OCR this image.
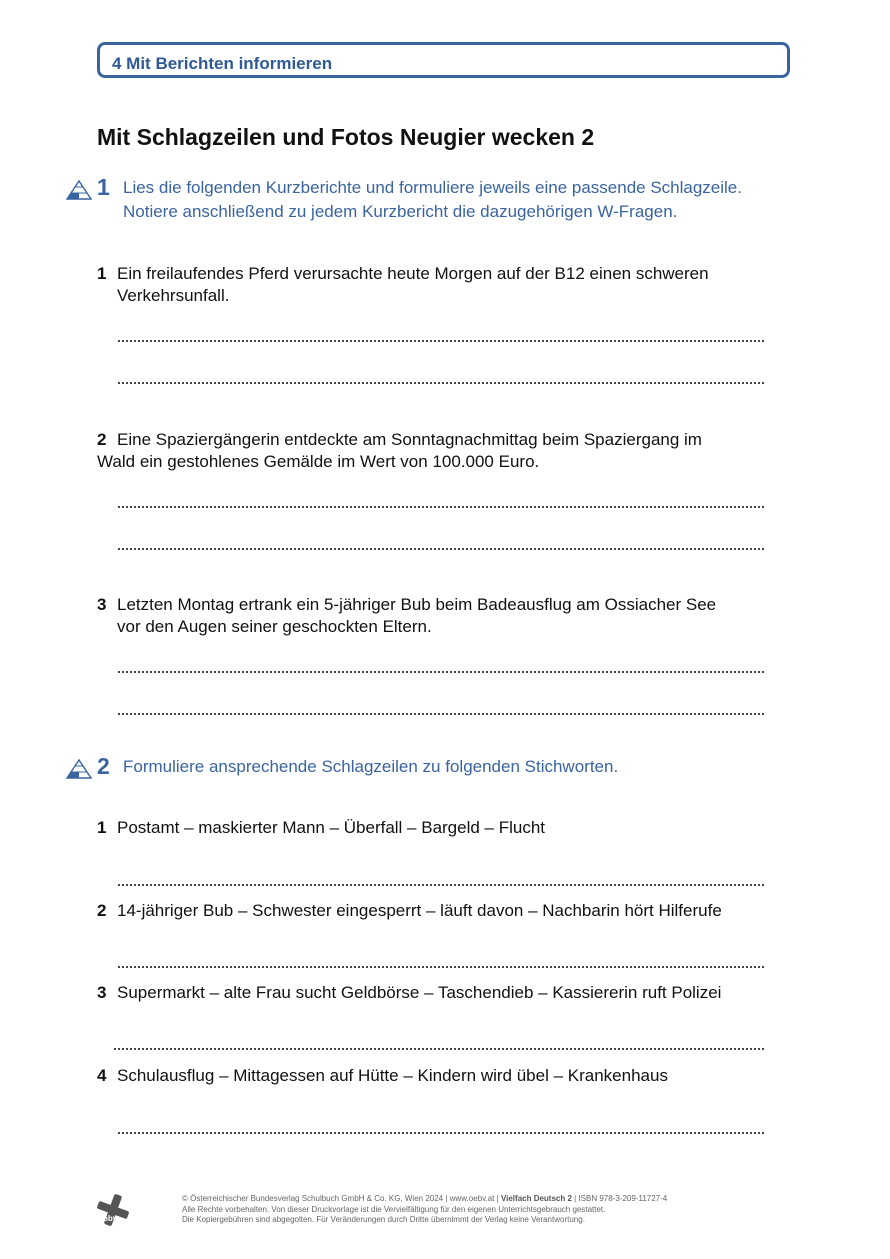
4 Mit Berichten informieren
Mit Schlagzeilen und Fotos Neugier wecken 2
1 Lies die folgenden Kurzberichte und formuliere jeweils eine passende Schlagzeile.
Notiere anschließend zu jedem Kurzbericht die dazugehörigen W-Fragen.
1 Ein freilaufendes Pferd verursachte heute Morgen auf der B12 einen schweren
Verkehrsunfall.
2 Eine Spaziergängerin entdeckte am Sonntagnachmittag beim Spaziergang im
Wald ein gestohlenes Gemälde im Wert von 100.000 Euro.
3 Letzten Montag ertrank ein 5-jähriger Bub beim Badeausflug am Ossiacher See
vor den Augen seiner geschockten Eltern.
2 Formuliere ansprechende Schlagzeilen zu folgenden Stichworten.
1 Postamt – maskierter Mann – Überfall – Bargeld – Flucht
2 14-jähriger Bub – Schwester eingesperrt – läuft davon – Nachbarin hört Hilferufe
3 Supermarkt – alte Frau sucht Geldbörse – Taschendieb – Kassiererin ruft Polizei
4 Schulausflug – Mittagessen auf Hütte – Kindern wird übel – Krankenhaus
öbv
© Österreichischer Bundesverlag Schulbuch GmbH & Co. KG, Wien 2024 | www.oebv.at | Vielfach Deutsch 2 | ISBN 978-3-209-11727-4
Alle Rechte vorbehalten. Von dieser Druckvorlage ist die Vervielfältigung für den eigenen Unterrichtsgebrauch gestattet.
Die Kopiergebühren sind abgegolten. Für Veränderungen durch Dritte übernimmt der Verlag keine Verantwortung.
